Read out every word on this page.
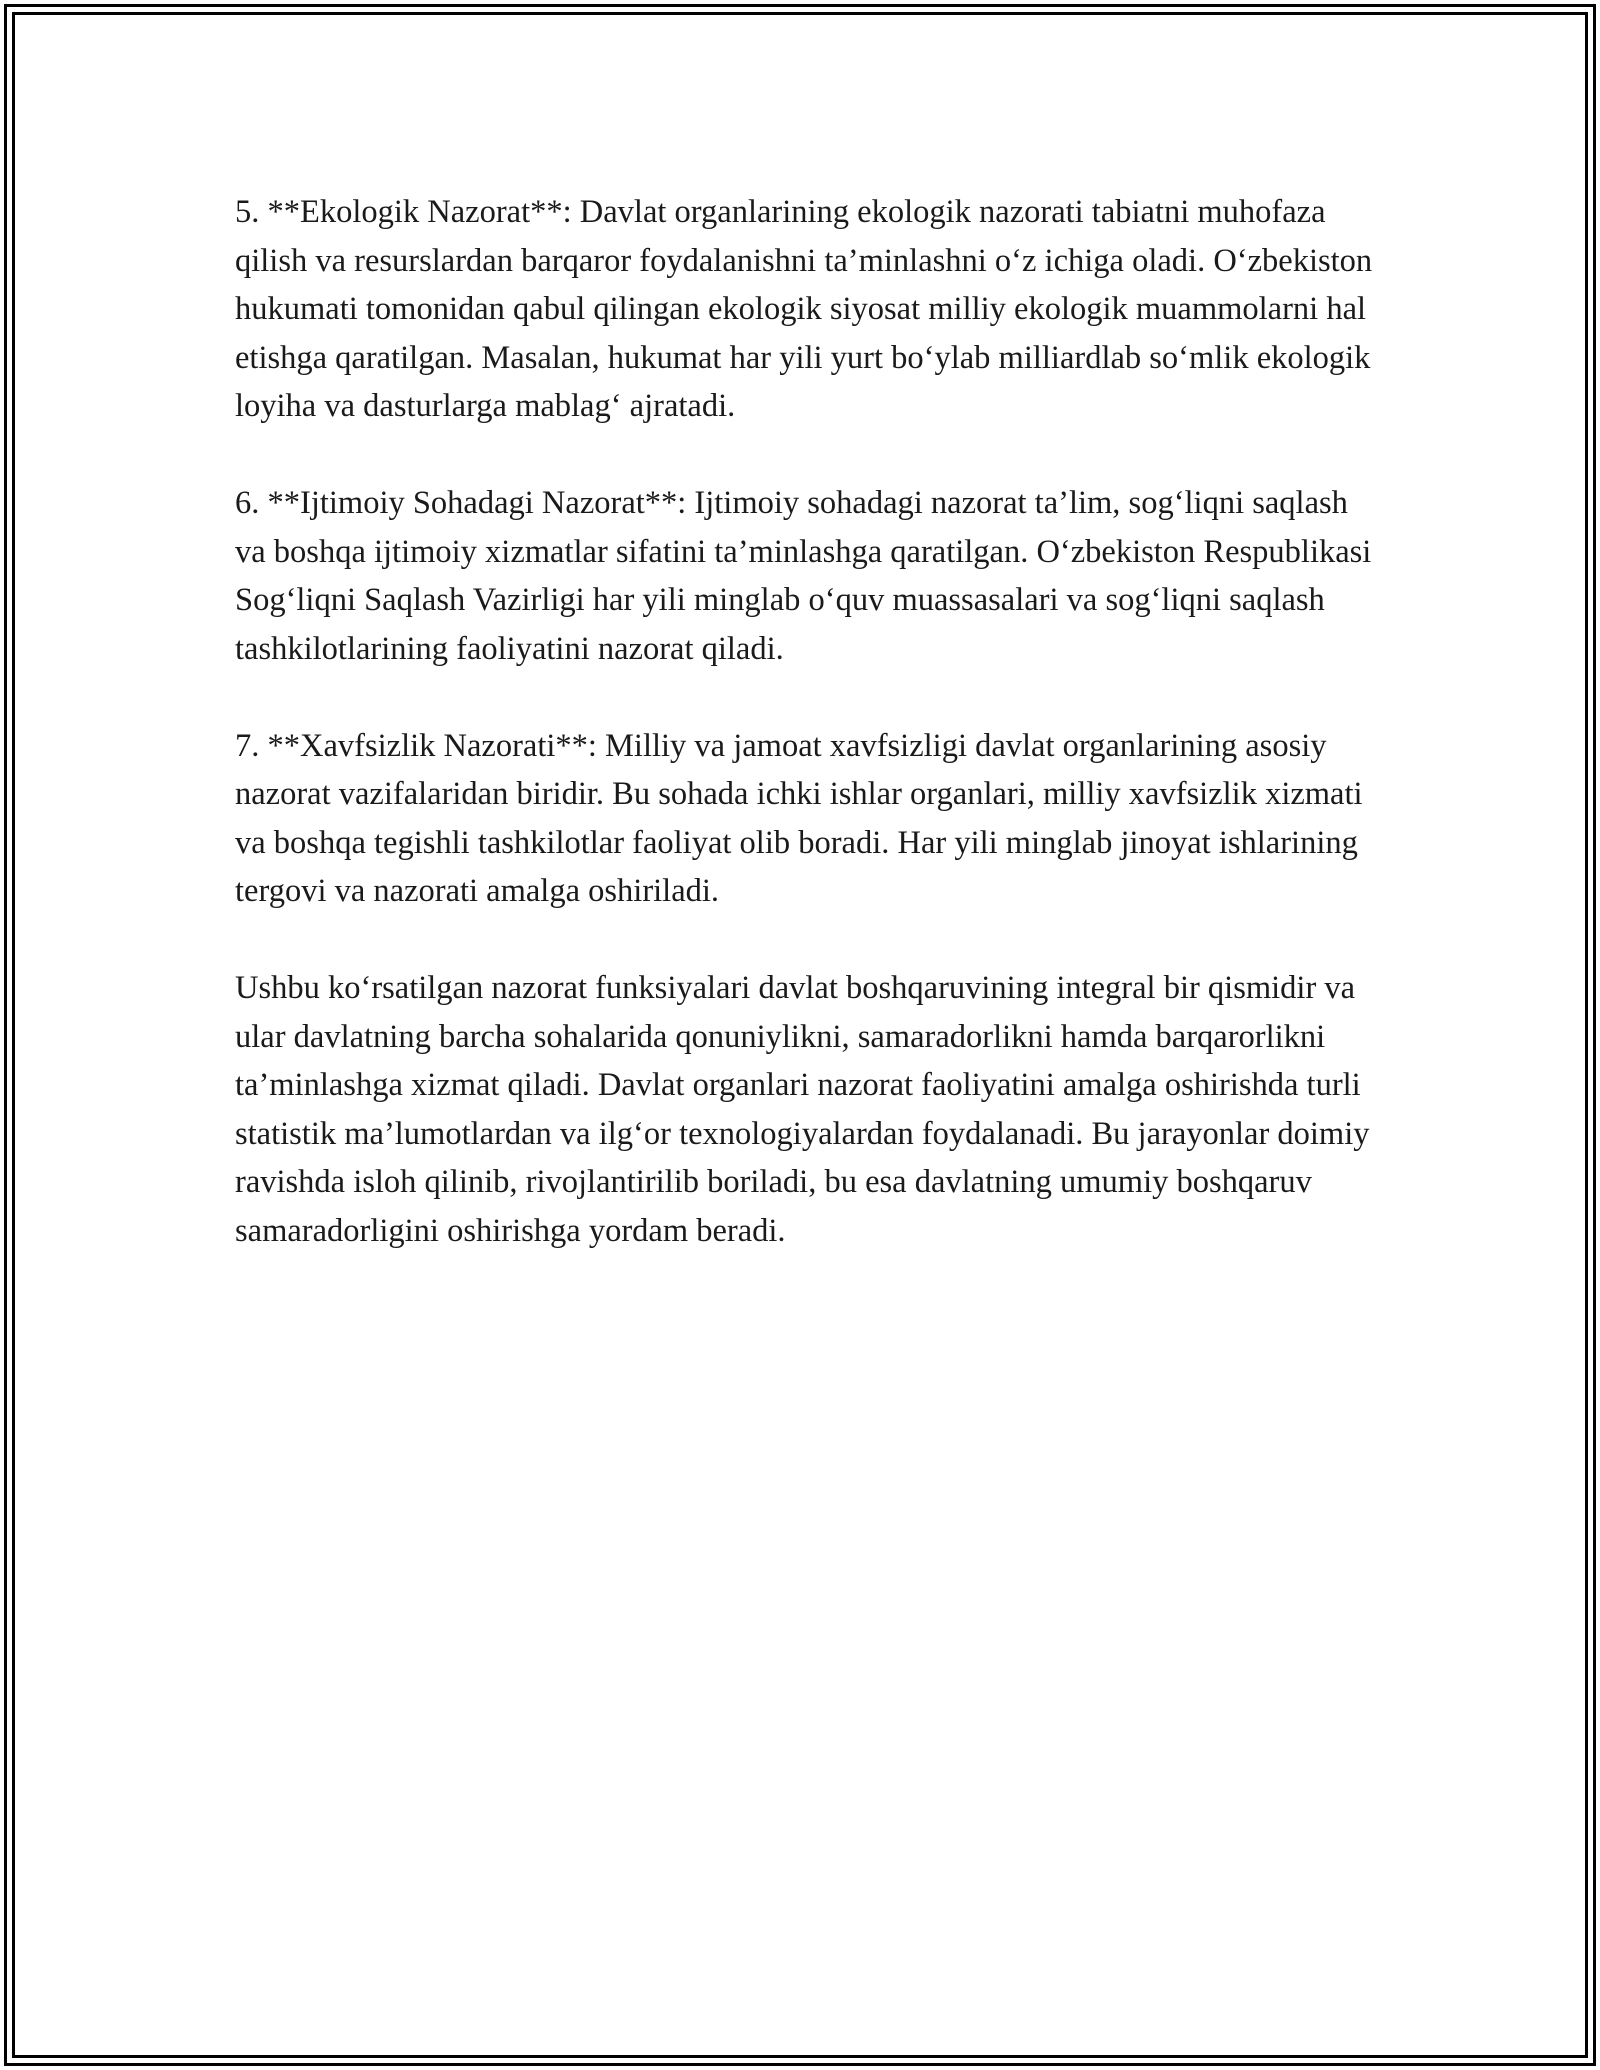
5. **Ekologik Nazorat**: Davlat organlarining ekologik nazorati tabiatni muhofaza qilish va resurslardan barqaror foydalanishni ta’minlashni o‘z ichiga oladi. O‘zbekiston hukumati tomonidan qabul qilingan ekologik siyosat milliy ekologik muammolarni hal etishga qaratilgan. Masalan, hukumat har yili yurt bo‘ylab milliardlab so‘mlik ekologik loyiha va dasturlarga mablag‘ ajratadi.

6. **Ijtimoiy Sohadagi Nazorat**: Ijtimoiy sohadagi nazorat ta’lim, sog‘liqni saqlash va boshqa ijtimoiy xizmatlar sifatini ta’minlashga qaratilgan. O‘zbekiston Respublikasi Sog‘liqni Saqlash Vazirligi har yili minglab o‘quv muassasalari va sog‘liqni saqlash tashkilotlarining faoliyatini nazorat qiladi.

7. **Xavfsizlik Nazorati**: Milliy va jamoat xavfsizligi davlat organlarining asosiy nazorat vazifalaridan biridir. Bu sohada ichki ishlar organlari, milliy xavfsizlik xizmati va boshqa tegishli tashkilotlar faoliyat olib boradi. Har yili minglab jinoyat ishlarining tergovi va nazorati amalga oshiriladi.

Ushbu ko‘rsatilgan nazorat funksiyalari davlat boshqaruvining integral bir qismidir va ular davlatning barcha sohalarida qonuniylikni, samaradorlikni hamda barqarorlikni ta’minlashga xizmat qiladi. Davlat organlari nazorat faoliyatini amalga oshirishda turli statistik ma’lumotlardan va ilg‘or texnologiyalardan foydalanadi. Bu jarayonlar doimiy ravishda isloh qilinib, rivojlantirilib boriladi, bu esa davlatning umumiy boshqaruv samaradorligini oshirishga yordam beradi.
